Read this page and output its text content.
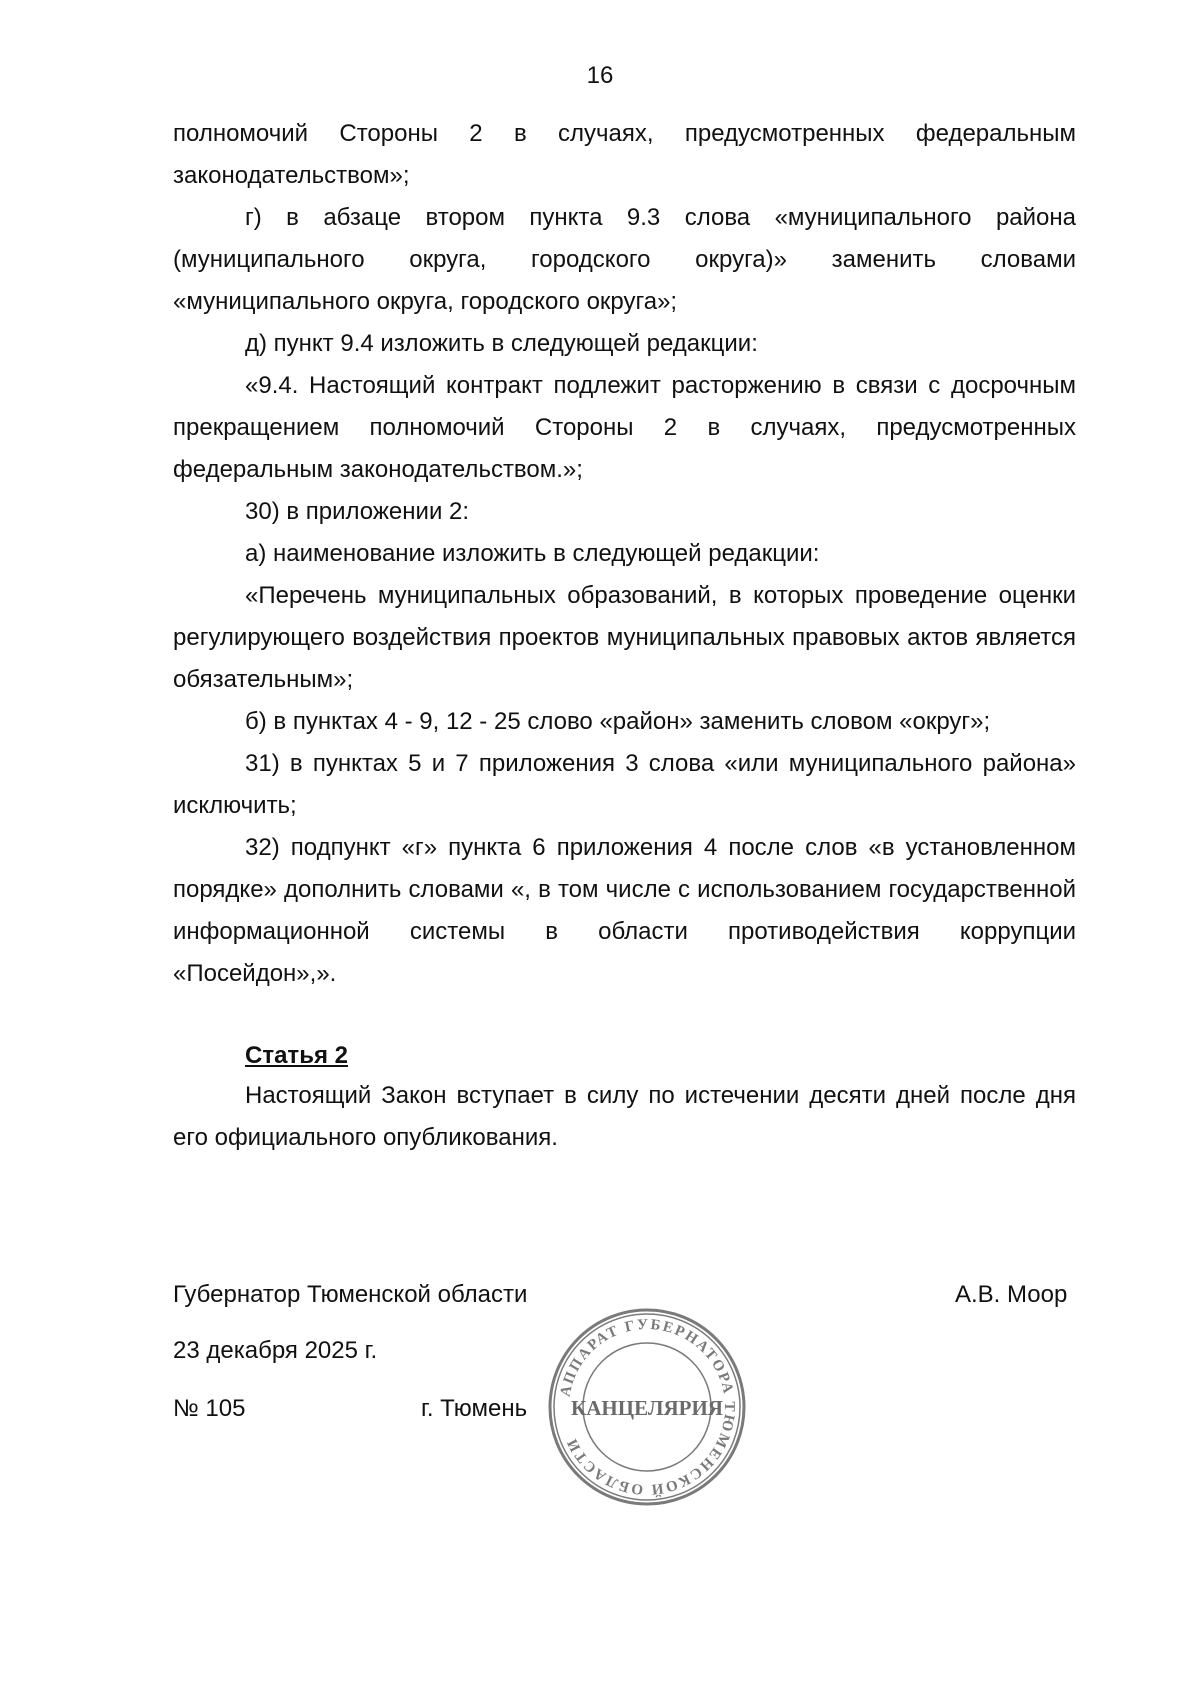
16

полномочий Стороны 2 в случаях, предусмотренных федеральным законодательством»;

г) в абзаце втором пункта 9.3 слова «муниципального района (муниципального округа, городского округа)» заменить словами «муниципального округа, городского округа»;

д) пункт 9.4 изложить в следующей редакции:

«9.4. Настоящий контракт подлежит расторжению в связи с досрочным прекращением полномочий Стороны 2 в случаях, предусмотренных федеральным законодательством.»;

30) в приложении 2:

а) наименование изложить в следующей редакции:

«Перечень муниципальных образований, в которых проведение оценки регулирующего воздействия проектов муниципальных правовых актов является обязательным»;

б) в пунктах 4 - 9, 12 - 25 слово «район» заменить словом «округ»;

31) в пунктах 5 и 7 приложения 3 слова «или муниципального района» исключить;

32) подпункт «г» пункта 6 приложения 4 после слов «в установленном порядке» дополнить словами «, в том числе с использованием государственной информационной системы в области противодействия коррупции «Посейдон»,».

Статья 2

Настоящий Закон вступает в силу по истечении десяти дней после дня его официального опубликования.

Губернатор Тюменской области	А.В. Моор
23 декабря 2025 г.
№ 105	г. Тюмень
АППАРАТ ГУБЕРНАТОРА ТЮМЕНСКОЙ ОБЛАСТИ
КАНЦЕЛЯРИЯ
